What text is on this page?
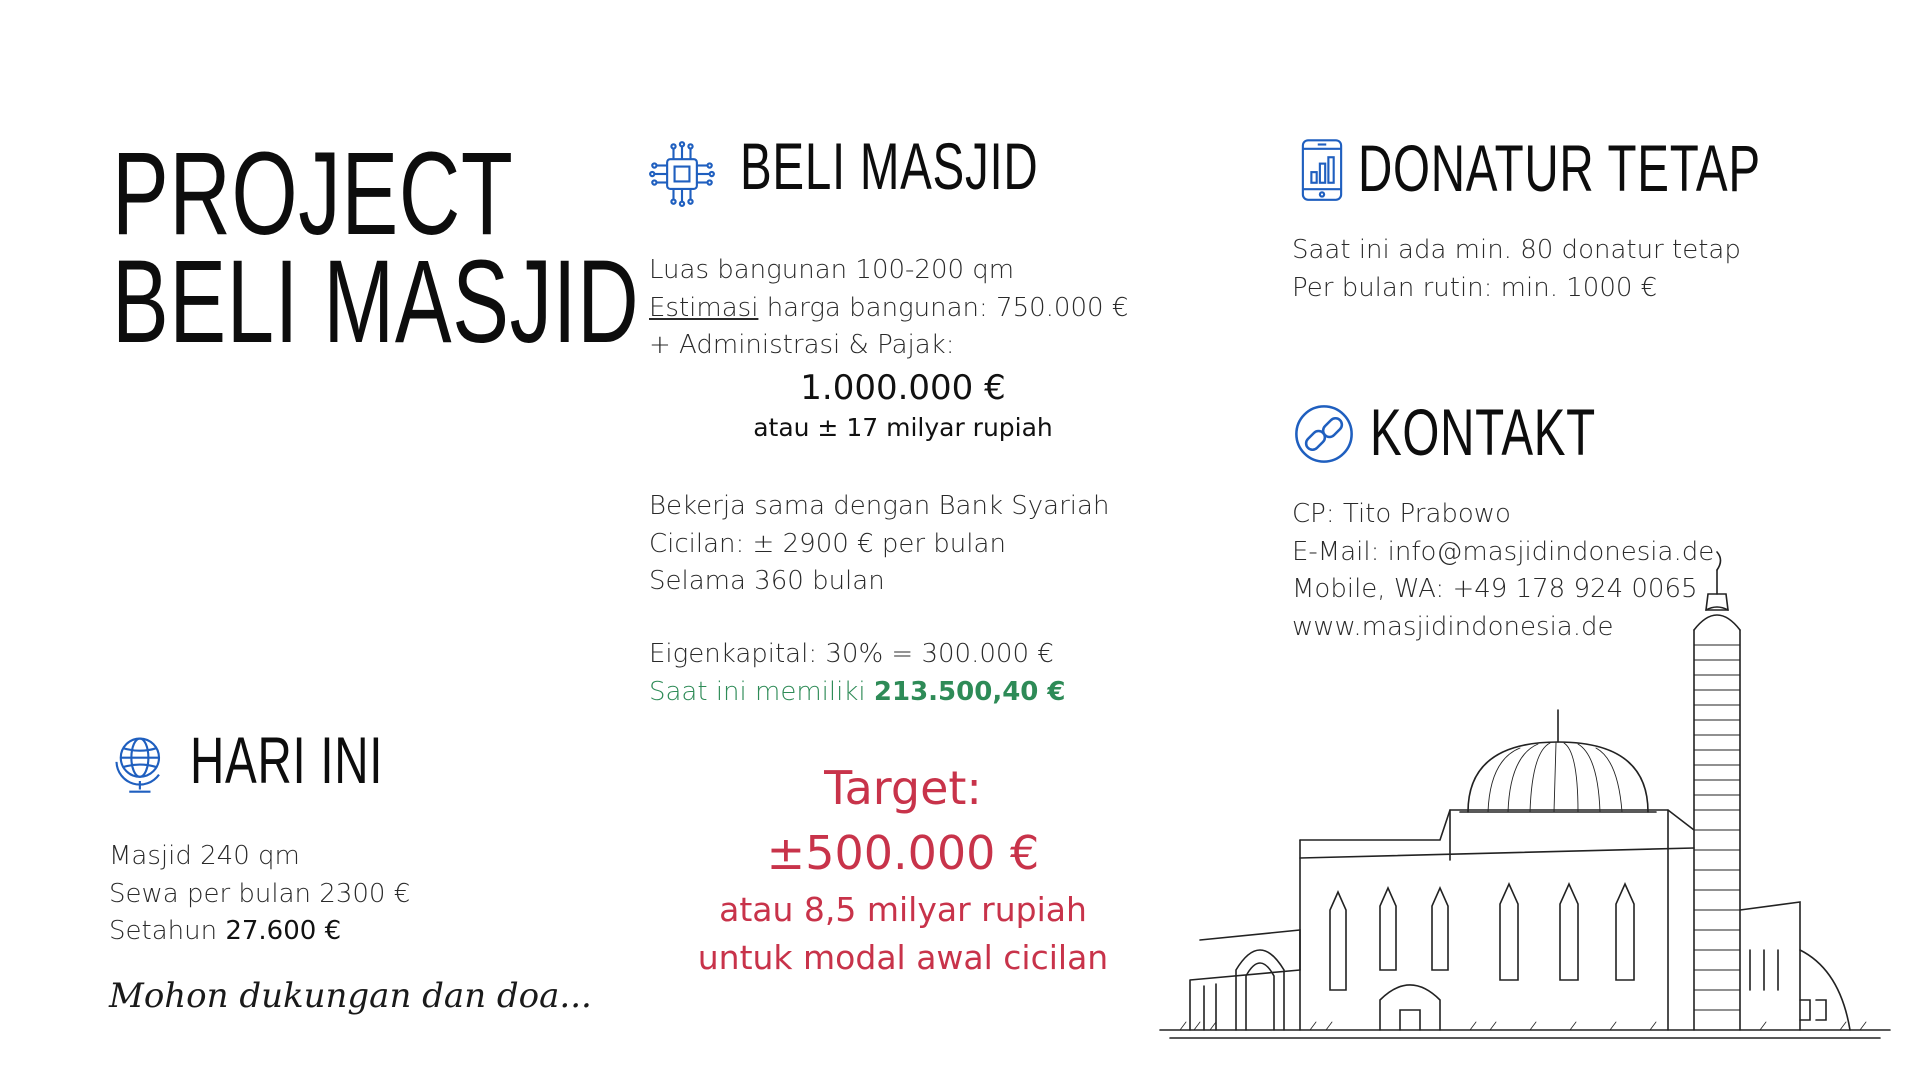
PROJECT
BELI MASJID
HARI INI
Masjid 240 qm
Sewa per bulan 2300 €
Setahun 27.600 €
Mohon dukungan dan doa...
BELI MASJID
Luas bangunan 100-200 qm
Estimasi harga bangunan: 750.000 €
+ Administrasi & Pajak:
1.000.000 €
atau ± 17 milyar rupiah
Bekerja sama dengan Bank Syariah
Cicilan: ± 2900 € per bulan
Selama 360 bulan
Eigenkapital: 30% = 300.000 €
Saat ini memiliki 213.500,40 €
Target:
±500.000 €
atau 8,5 milyar rupiah
untuk modal awal cicilan
DONATUR TETAP
Saat ini ada min. 80 donatur tetap
Per bulan rutin: min. 1000 €
KONTAKT
CP: Tito Prabowo
E-Mail: info@masjidindonesia.de
Mobile, WA: +49 178 924 0065
www.masjidindonesia.de
